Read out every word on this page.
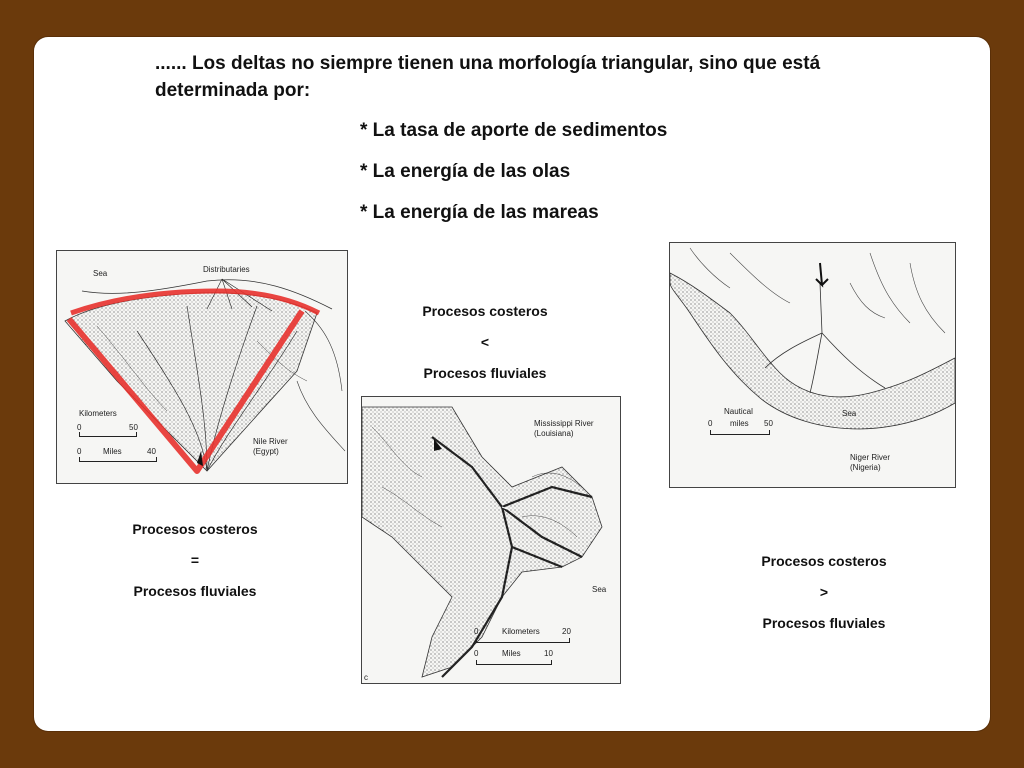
...... Los deltas no siempre tienen una morfología triangular, sino que está determinada por:
* La tasa de aporte de sedimentos
* La energía de las olas
* La energía de las mareas
Sea	Distributaries
Kilometers
0	50
0	Miles	40
Nile River
(Egypt)
Procesos costeros
=
Procesos fluviales
Procesos costeros
<
Procesos fluviales
Mississippi River
(Louisiana)
Sea
0	Kilometers	20
0	Miles	10
c
Nautical
0 miles 50
Sea
Niger River
(Nigeria)
Procesos costeros
>
Procesos fluviales
